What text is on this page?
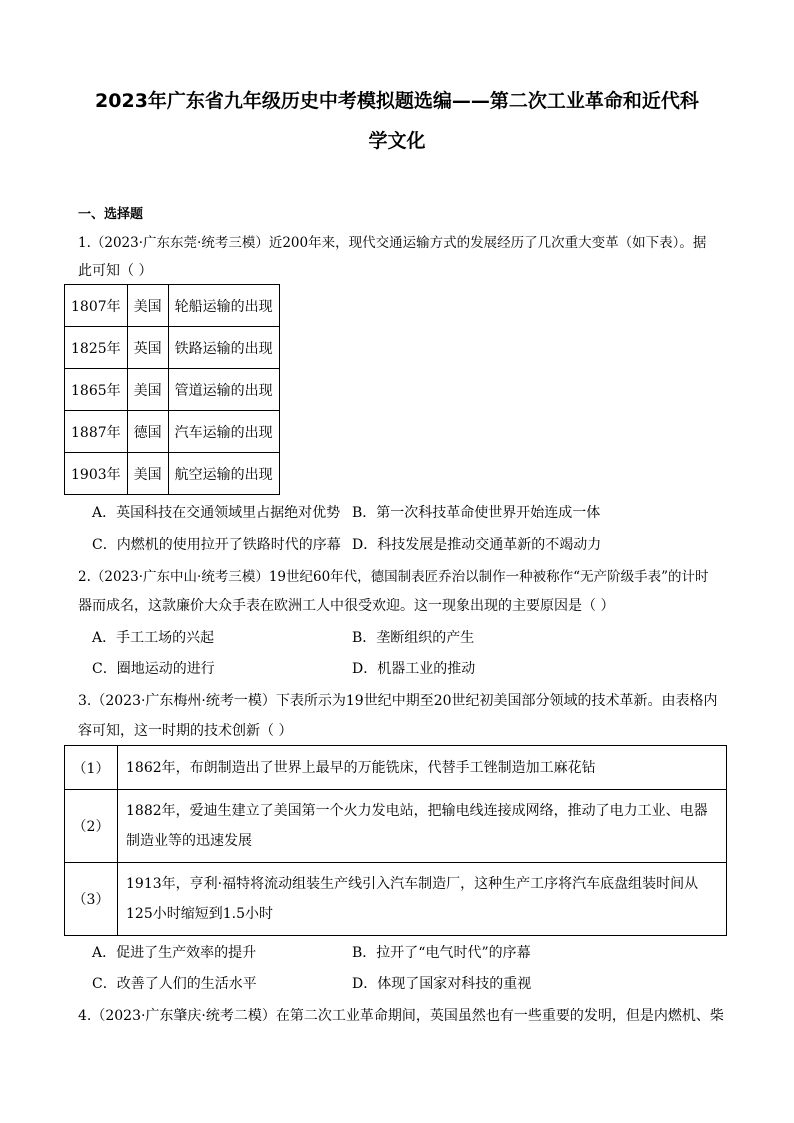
2023年广东省九年级历史中考模拟题选编——第二次工业革命和近代科
学文化
一、选择题
1.（2023·广东东莞·统考三模）近200年来，现代交通运输方式的发展经历了几次重大变革（如下表）。据
此可知（ ）
1807年	美国	轮船运输的出现
1825年	英国	铁路运输的出现
1865年	美国	管道运输的出现
1887年	德国	汽车运输的出现
1903年	美国	航空运输的出现
A．英国科技在交通领域里占据绝对优势 B．第一次科技革命使世界开始连成一体
C．内燃机的使用拉开了铁路时代的序幕 D．科技发展是推动交通革新的不竭动力
2.（2023·广东中山·统考三模）19世纪60年代，德国制表匠乔治以制作一种被称作“无产阶级手表”的计时
器而成名，这款廉价大众手表在欧洲工人中很受欢迎。这一现象出现的主要原因是（ ）
A．手工工场的兴起	B．垄断组织的产生
C．圈地运动的进行	D．机器工业的推动
3.（2023·广东梅州·统考一模）下表所示为19世纪中期至20世纪初美国部分领域的技术革新。由表格内
容可知，这一时期的技术创新（ ）
（1）	1862年，布朗制造出了世界上最早的万能铣床，代替手工锉制造加工麻花钻
（2）	1882年，爱迪生建立了美国第一个火力发电站，把输电线连接成网络，推动了电力工业、电器制造业等的迅速发展
（3）	1913年，亨利·福特将流动组装生产线引入汽车制造厂，这种生产工序将汽车底盘组装时间从125小时缩短到1.5小时
A．促进了生产效率的提升	B．拉开了“电气时代”的序幕
C．改善了人们的生活水平	D．体现了国家对科技的重视
4.（2023·广东肇庆·统考二模）在第二次工业革命期间，英国虽然也有一些重要的发明，但是内燃机、柴
